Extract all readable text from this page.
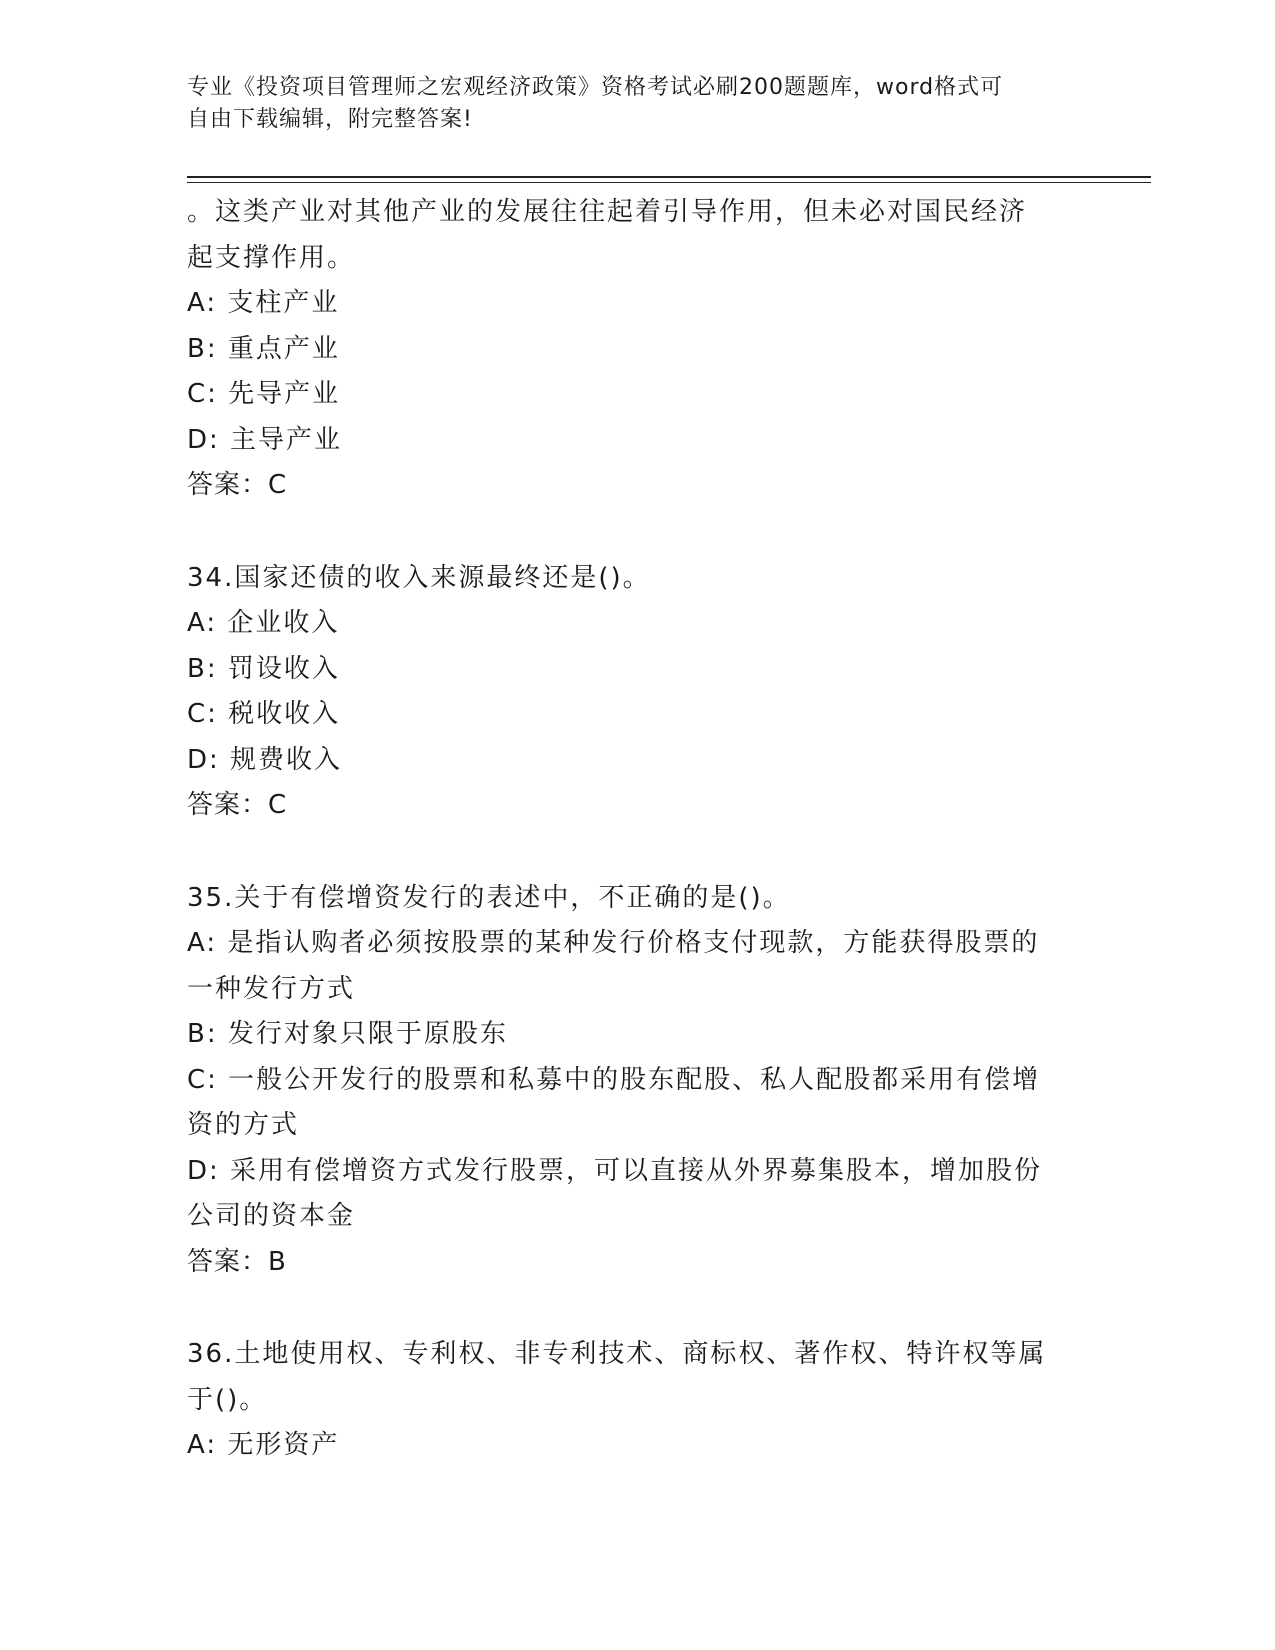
专业《投资项目管理师之宏观经济政策》资格考试必刷200题题库，word格式可
自由下载编辑，附完整答案!
。这类产业对其他产业的发展往往起着引导作用，但未必对国民经济
起支撑作用。
A: 支柱产业
B: 重点产业
C: 先导产业
D: 主导产业
答案：C
34.国家还债的收入来源最终还是()。
A: 企业收入
B: 罚设收入
C: 税收收入
D: 规费收入
答案：C
35.关于有偿增资发行的表述中，不正确的是()。
A: 是指认购者必须按股票的某种发行价格支付现款，方能获得股票的
一种发行方式
B: 发行对象只限于原股东
C: 一般公开发行的股票和私募中的股东配股、私人配股都采用有偿增
资的方式
D: 采用有偿增资方式发行股票，可以直接从外界募集股本，增加股份
公司的资本金
答案：B
36.土地使用权、专利权、非专利技术、商标权、著作权、特许权等属
于()。
A: 无形资产
